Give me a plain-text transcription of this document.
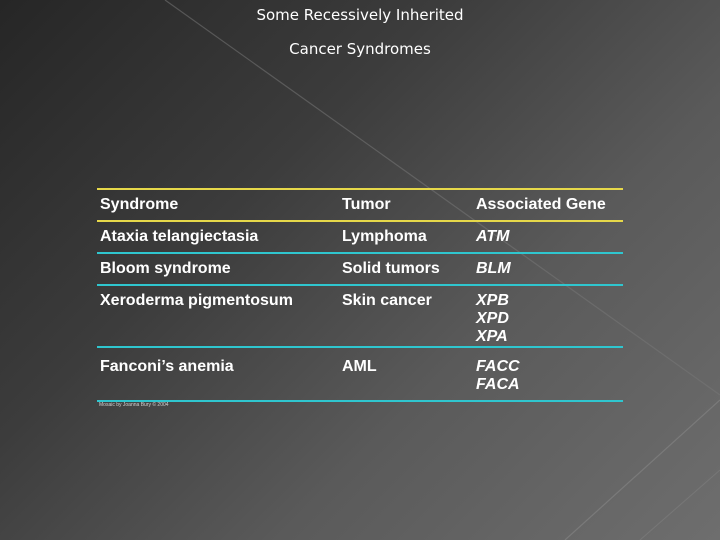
Some Recessively Inherited
Cancer Syndromes
Syndrome	Tumor	Associated Gene
Ataxia telangiectasia	Lymphoma	ATM
Bloom syndrome	Solid tumors	BLM
Xeroderma pigmentosum	Skin cancer	XPB
XPD
XPA
Fanconi’s anemia	AML	FACC
FACA
Mosaic by Joanna Bury © 2004
